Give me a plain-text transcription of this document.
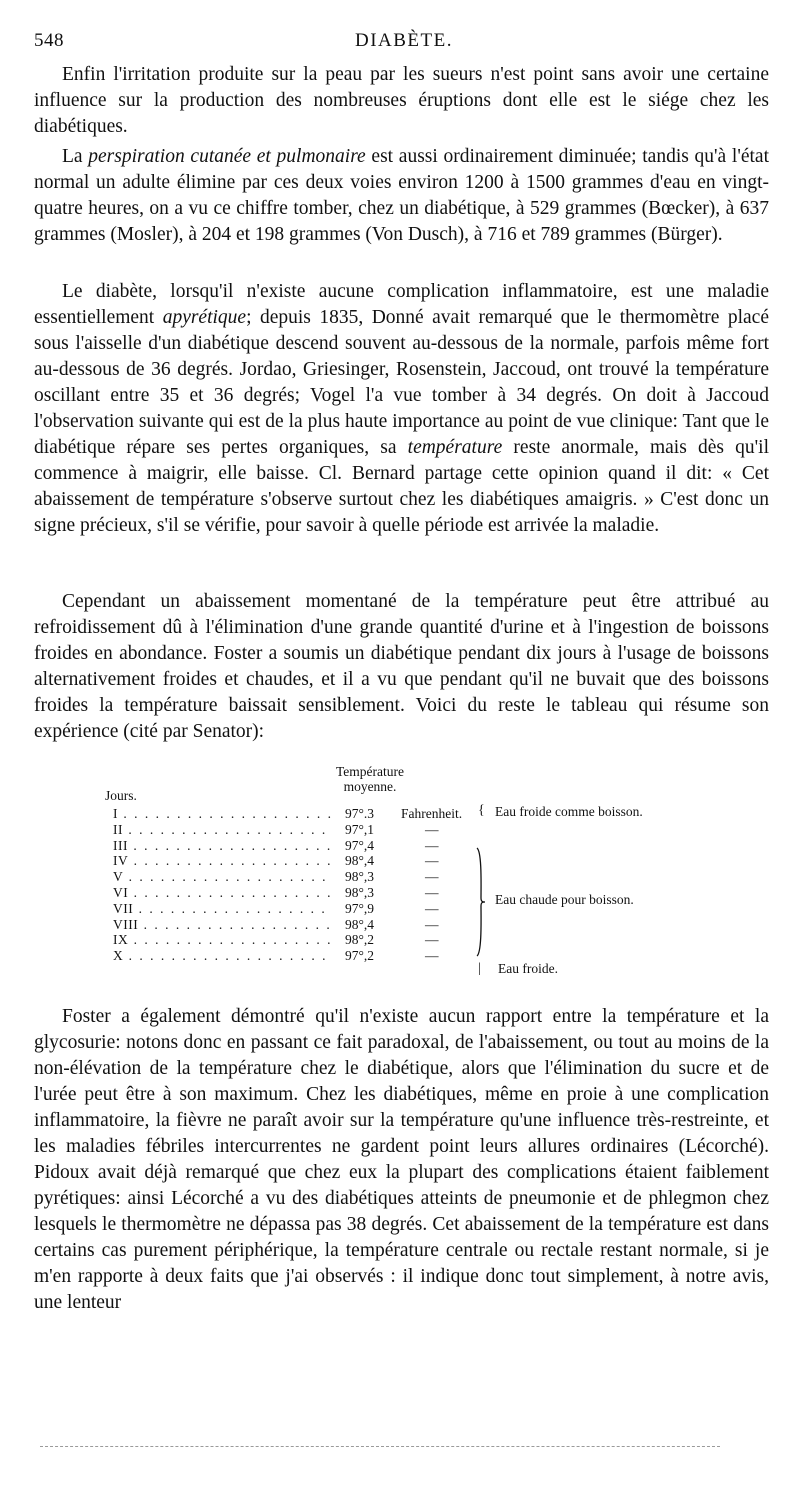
548	DIABÈTE.

Enfin l'irritation produite sur la peau par les sueurs n'est point sans avoir une certaine influence sur la production des nombreuses éruptions dont elle est le siége chez les diabétiques.

La perspiration cutanée et pulmonaire est aussi ordinairement diminuée; tandis qu'à l'état normal un adulte élimine par ces deux voies environ 1200 à 1500 grammes d'eau en vingt-quatre heures, on a vu ce chiffre tomber, chez un diabétique, à 529 grammes (Bœcker), à 637 grammes (Mosler), à 204 et 198 grammes (Von Dusch), à 716 et 789 grammes (Bürger).

Le diabète, lorsqu'il n'existe aucune complication inflammatoire, est une maladie essentiellement apyrétique; depuis 1835, Donné avait remarqué que le thermomètre placé sous l'aisselle d'un diabétique descend souvent au-dessous de la normale, parfois même fort au-dessous de 36 degrés. Jordao, Griesinger, Rosenstein, Jaccoud, ont trouvé la température oscillant entre 35 et 36 degrés; Vogel l'a vue tomber à 34 degrés. On doit à Jaccoud l'observation suivante qui est de la plus haute importance au point de vue clinique: Tant que le diabétique répare ses pertes organiques, sa température reste anormale, mais dès qu'il commence à maigrir, elle baisse. Cl. Bernard partage cette opinion quand il dit: « Cet abaissement de température s'observe surtout chez les diabétiques amaigris. » C'est donc un signe précieux, s'il se vérifie, pour savoir à quelle période est arrivée la maladie.

Cependant un abaissement momentané de la température peut être attribué au refroidissement dû à l'élimination d'une grande quantité d'urine et à l'ingestion de boissons froides en abondance. Foster a soumis un diabétique pendant dix jours à l'usage de boissons alternativement froides et chaudes, et il a vu que pendant qu'il ne buvait que des boissons froides la température baissait sensiblement. Voici du reste le tableau qui résume son expérience (cité par Senator):

Température
moyenne.
Jours.
I . . .	97°.3 Fahrenheit.
II . . .	97°,1	—
III . . .	97°,4	—
IV . . .	98°,4	—
V . . .	98°,3	—
VI . . .	98°,3	—
VII . . .	97°,9	—
VIII . . .	98°,4	—
IX . . .	98°,2	—
X . . .	97°,2	—
{ Eau froide comme boisson.
Eau chaude pour boisson.
| Eau froide.

Foster a également démontré qu'il n'existe aucun rapport entre la température et la glycosurie: notons donc en passant ce fait paradoxal, de l'abaissement, ou tout au moins de la non-élévation de la température chez le diabétique, alors que l'élimination du sucre et de l'urée peut être à son maximum. Chez les diabétiques, même en proie à une complication inflammatoire, la fièvre ne paraît avoir sur la température qu'une influence très-restreinte, et les maladies fébriles intercurrentes ne gardent point leurs allures ordinaires (Lécorché). Pidoux avait déjà remarqué que chez eux la plupart des complications étaient faiblement pyrétiques: ainsi Lécorché a vu des diabétiques atteints de pneumonie et de phlegmon chez lesquels le thermomètre ne dépassa pas 38 degrés. Cet abaissement de la température est dans certains cas purement périphérique, la température centrale ou rectale restant normale, si je m'en rapporte à deux faits que j'ai observés : il indique donc tout simplement, à notre avis, une lenteur
